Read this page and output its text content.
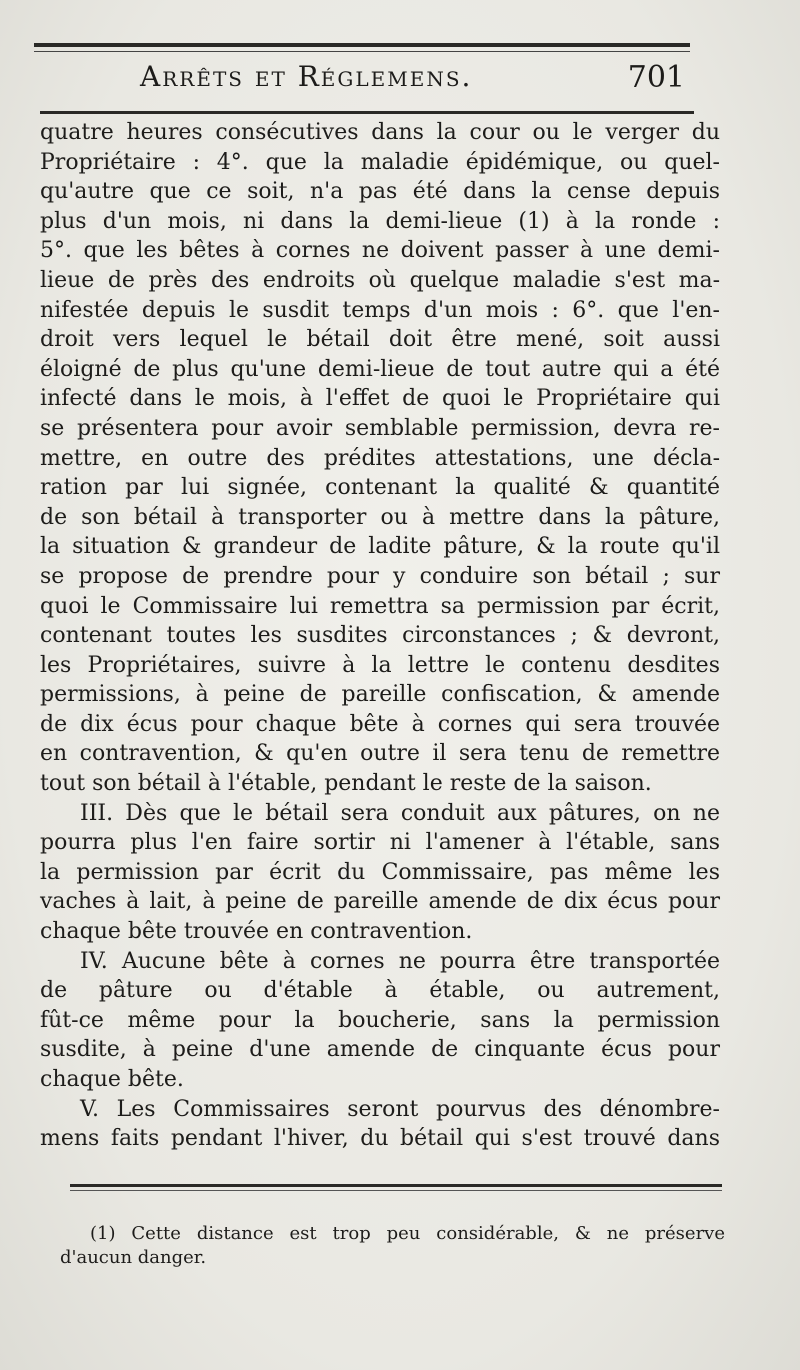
Arrêts et Réglemens.	701
quatre heures consécutives dans la cour ou le verger du
Propriétaire : 4°. que la maladie épidémique, ou quel-
qu'autre que ce soit, n'a pas été dans la cense depuis
plus d'un mois, ni dans la demi-lieue (1) à la ronde :
5°. que les bêtes à cornes ne doivent passer à une demi-
lieue de près des endroits où quelque maladie s'est ma-
nifestée depuis le susdit temps d'un mois : 6°. que l'en-
droit vers lequel le bétail doit être mené, soit aussi
éloigné de plus qu'une demi-lieue de tout autre qui a été
infecté dans le mois, à l'effet de quoi le Propriétaire qui
se présentera pour avoir semblable permission, devra re-
mettre, en outre des prédites attestations, une décla-
ration par lui signée, contenant la qualité & quantité
de son bétail à transporter ou à mettre dans la pâture,
la situation & grandeur de ladite pâture, & la route qu'il
se propose de prendre pour y conduire son bétail ; sur
quoi le Commissaire lui remettra sa permission par écrit,
contenant toutes les susdites circonstances ; & devront,
les Propriétaires, suivre à la lettre le contenu desdites
permissions, à peine de pareille confiscation, & amende
de dix écus pour chaque bête à cornes qui sera trouvée
en contravention, & qu'en outre il sera tenu de remettre
tout son bétail à l'étable, pendant le reste de la saison.
III. Dès que le bétail sera conduit aux pâtures, on ne
pourra plus l'en faire sortir ni l'amener à l'étable, sans
la permission par écrit du Commissaire, pas même les
vaches à lait, à peine de pareille amende de dix écus pour
chaque bête trouvée en contravention.
IV. Aucune bête à cornes ne pourra être transportée
de pâture ou d'étable à étable, ou autrement,
fût-ce même pour la boucherie, sans la permission
susdite, à peine d'une amende de cinquante écus pour
chaque bête.
V. Les Commissaires seront pourvus des dénombre-
mens faits pendant l'hiver, du bétail qui s'est trouvé dans
(1) Cette distance est trop peu considérable, & ne préserve
d'aucun danger.
